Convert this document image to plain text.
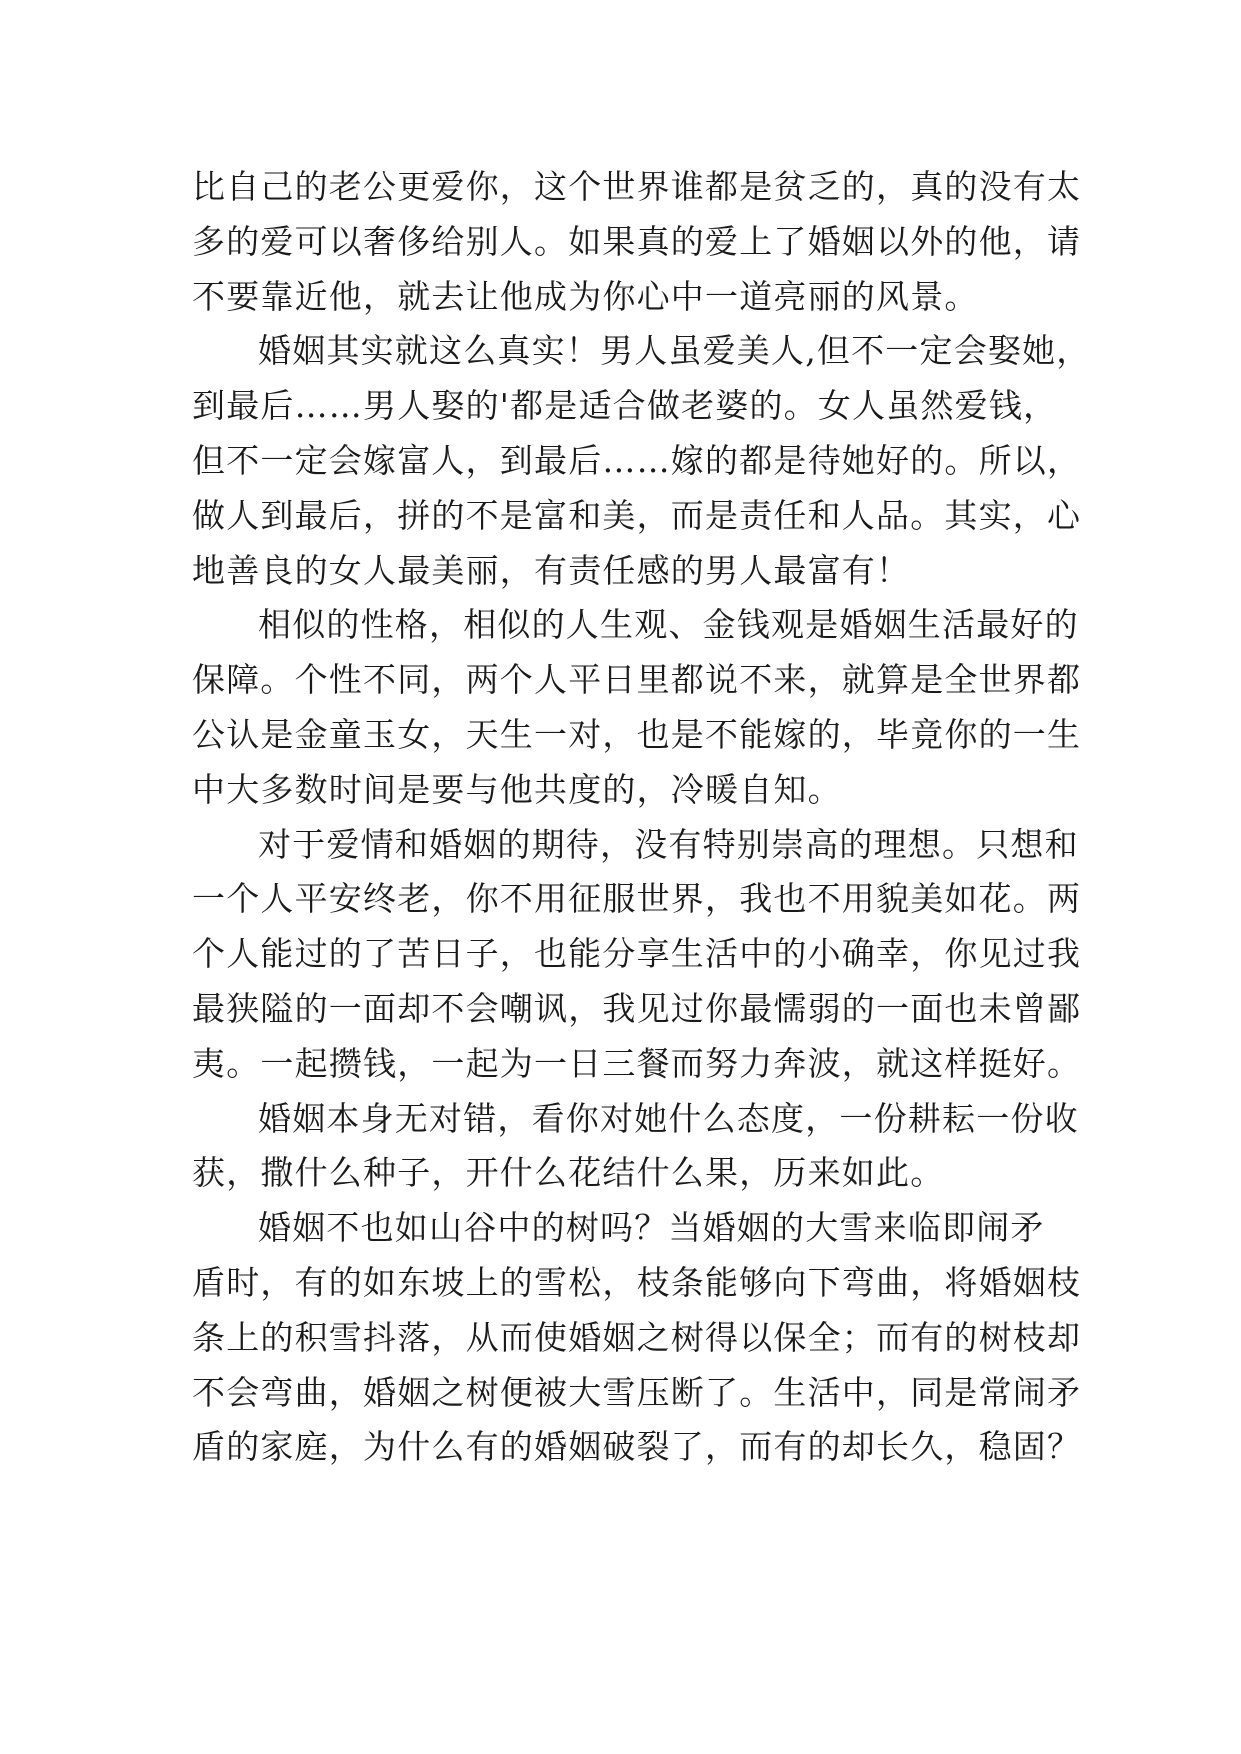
比自己的老公更爱你，这个世界谁都是贫乏的，真的没有太
多的爱可以奢侈给别人。如果真的爱上了婚姻以外的他，请
不要靠近他，就去让他成为你心中一道亮丽的风景。
婚姻其实就这么真实！男人虽爱美人,但不一定会娶她，
到最后……男人娶的'都是适合做老婆的。女人虽然爱钱，
但不一定会嫁富人，到最后……嫁的都是待她好的。所以，
做人到最后，拼的不是富和美，而是责任和人品。其实，心
地善良的女人最美丽，有责任感的男人最富有！
相似的性格，相似的人生观、金钱观是婚姻生活最好的
保障。个性不同，两个人平日里都说不来，就算是全世界都
公认是金童玉女，天生一对，也是不能嫁的，毕竟你的一生
中大多数时间是要与他共度的，冷暖自知。
对于爱情和婚姻的期待，没有特别崇高的理想。只想和
一个人平安终老，你不用征服世界，我也不用貌美如花。两
个人能过的了苦日子，也能分享生活中的小确幸，你见过我
最狭隘的一面却不会嘲讽，我见过你最懦弱的一面也未曾鄙
夷。一起攒钱，一起为一日三餐而努力奔波，就这样挺好。
婚姻本身无对错，看你对她什么态度，一份耕耘一份收
获，撒什么种子，开什么花结什么果，历来如此。
婚姻不也如山谷中的树吗？当婚姻的大雪来临即闹矛
盾时，有的如东坡上的雪松，枝条能够向下弯曲，将婚姻枝
条上的积雪抖落，从而使婚姻之树得以保全；而有的树枝却
不会弯曲，婚姻之树便被大雪压断了。生活中，同是常闹矛
盾的家庭，为什么有的婚姻破裂了，而有的却长久，稳固？
